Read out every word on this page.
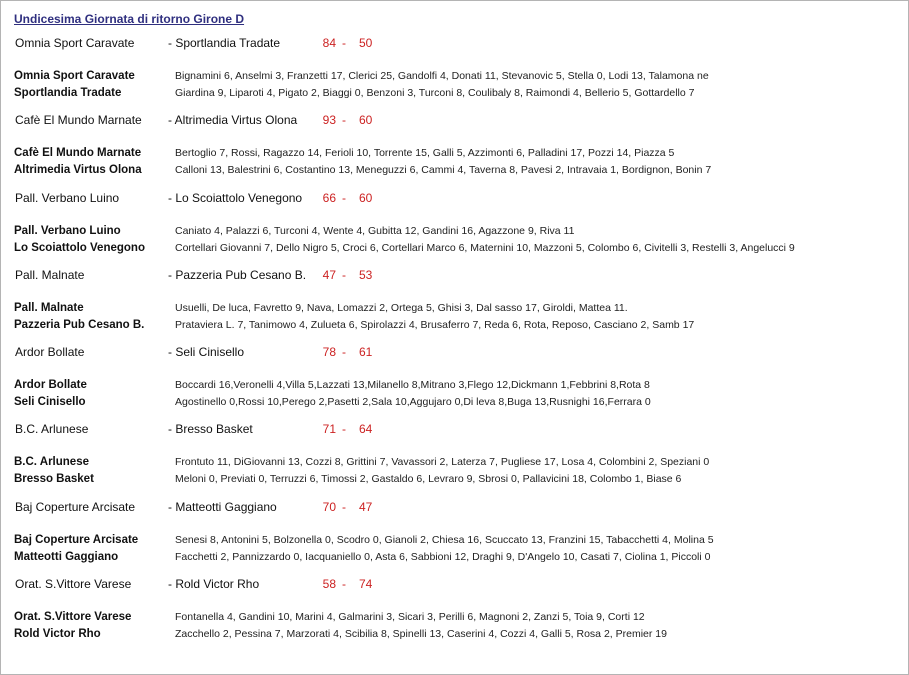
Undicesima Giornata di ritorno Girone D
Omnia Sport Caravate	- Sportlandia Tradate	84 - 50
Omnia Sport Caravate	Bignamini 6, Anselmi 3, Franzetti 17, Clerici 25, Gandolfi 4, Donati 11, Stevanovic 5, Stella 0, Lodi 13, Talamona ne
Sportlandia Tradate	Giardina 9, Liparoti 4, Pigato 2, Biaggi 0, Benzoni 3, Turconi 8, Coulibaly 8, Raimondi 4, Bellerio 5, Gottardello 7
Cafè El Mundo Marnate - Altrimedia Virtus Olona	93 - 60
Cafè El Mundo Marnate	Bertoglio 7, Rossi, Ragazzo 14, Ferioli 10, Torrente 15, Galli 5, Azzimonti 6, Palladini 17, Pozzi 14, Piazza 5
Altrimedia Virtus Olona	Calloni 13, Balestrini 6, Costantino 13, Meneguzzi 6, Cammi 4, Taverna 8, Pavesi 2, Intravaia 1, Bordignon, Bonin 7
Pall. Verbano Luino	- Lo Scoiattolo Venegono	66 - 60
Pall. Verbano Luino	Caniato 4, Palazzi 6, Turconi 4, Wente 4, Gubitta 12, Gandini 16, Agazzone 9, Riva 11
Lo Scoiattolo Venegono	Cortellari Giovanni 7, Dello Nigro 5, Croci 6, Cortellari Marco 6, Maternini 10, Mazzoni 5, Colombo 6, Civitelli 3, Restelli 3, Angelucci 9
Pall. Malnate	- Pazzeria Pub Cesano B.	47 - 53
Pall. Malnate	Usuelli, De luca, Favretto 9, Nava, Lomazzi 2, Ortega 5, Ghisi 3, Dal sasso 17, Giroldi, Mattea 11.
Pazzeria Pub Cesano B.	Prataviera L. 7, Tanimowo 4, Zulueta 6, Spirolazzi 4, Brusaferro 7, Reda 6, Rota, Reposo, Casciano 2, Samb 17
Ardor Bollate	- Seli Cinisello	78 - 61
Ardor Bollate	Boccardi 16,Veronelli 4,Villa 5,Lazzati 13,Milanello 8,Mitrano 3,Flego 12,Dickmann 1,Febbrini 8,Rota 8
Seli Cinisello	Agostinello 0,Rossi 10,Perego 2,Pasetti 2,Sala 10,Aggujaro 0,Di leva 8,Buga 13,Rusnighi 16,Ferrara 0
B.C. Arlunese	- Bresso Basket	71 - 64
B.C. Arlunese	Frontuto 11, DiGiovanni 13, Cozzi 8, Grittini 7, Vavassori 2, Laterza 7, Pugliese 17, Losa 4, Colombini 2, Speziani 0
Bresso Basket	Meloni 0, Previati 0, Terruzzi 6, Timossi 2, Gastaldo 6, Levraro 9, Sbrosi 0, Pallavicini 18, Colombo 1, Biase 6
Baj Coperture Arcisate	- Matteotti Gaggiano	70 - 47
Baj Coperture Arcisate	Senesi 8, Antonini 5, Bolzonella 0, Scodro 0, Gianoli 2, Chiesa 16, Scuccato 13, Franzini 15, Tabacchetti 4, Molina 5
Matteotti Gaggiano	Facchetti 2, Pannizzardo 0, Iacquaniello 0, Asta 6, Sabbioni 12, Draghi 9, D'Angelo 10, Casati 7, Ciolina 1, Piccoli 0
Orat. S.Vittore Varese	- Rold Victor Rho	58 - 74
Orat. S.Vittore Varese	Fontanella 4, Gandini 10, Marini 4, Galmarini 3, Sicari 3, Perilli 6, Magnoni 2, Zanzi 5, Toia 9, Corti 12
Rold Victor Rho	Zacchello 2, Pessina 7, Marzorati 4, Scibilia 8, Spinelli 13, Caserini 4, Cozzi 4, Galli 5, Rosa 2, Premier 19
